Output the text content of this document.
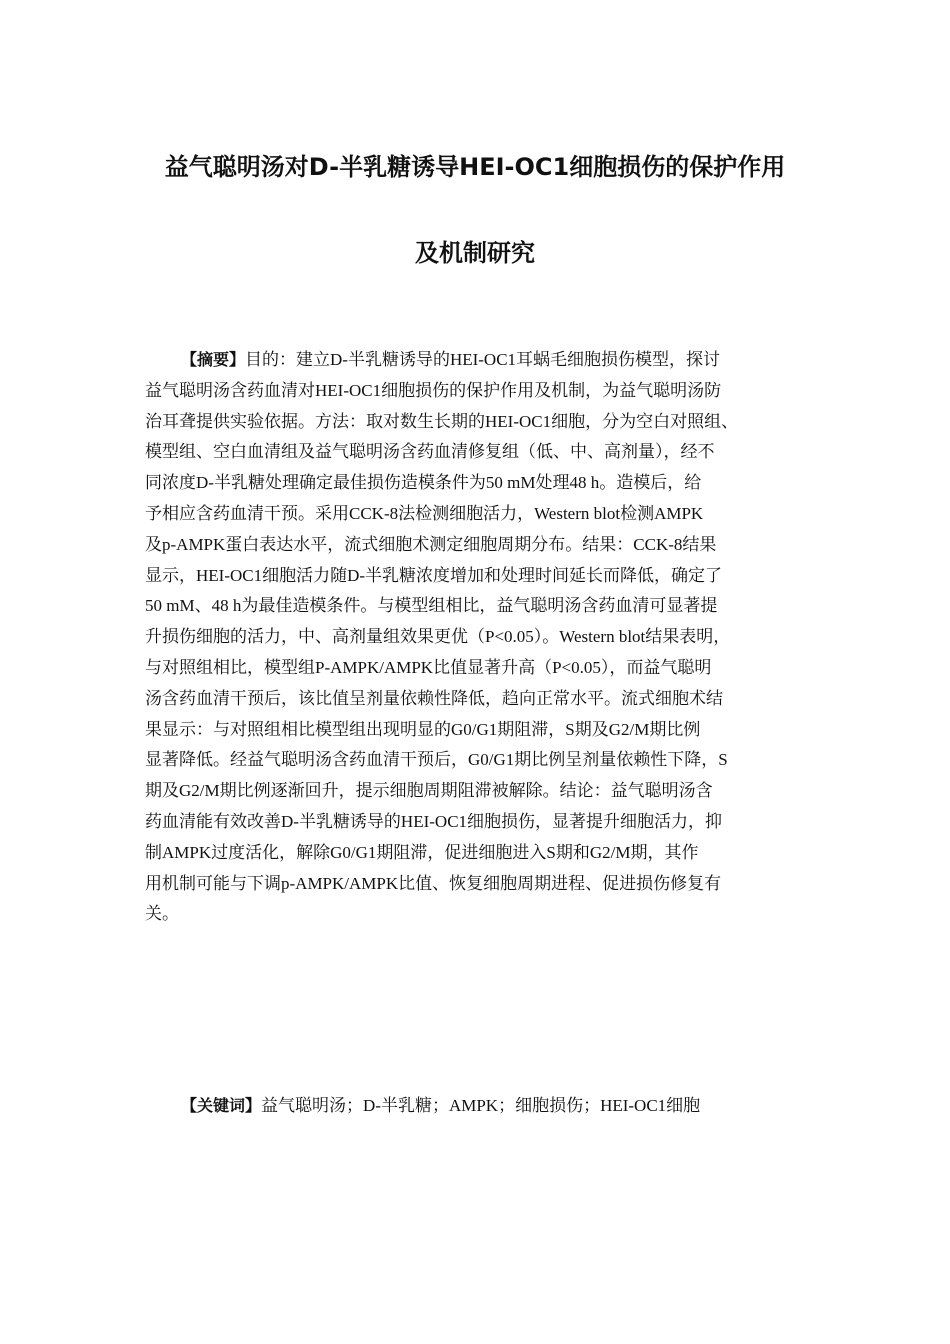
益气聪明汤对D-半乳糖诱导HEI-OC1细胞损伤的保护作用
及机制研究
【摘要】目的：建立D-半乳糖诱导的HEI-OC1耳蜗毛细胞损伤模型，探讨
益气聪明汤含药血清对HEI-OC1细胞损伤的保护作用及机制，为益气聪明汤防
治耳聋提供实验依据。方法：取对数生长期的HEI-OC1细胞，分为空白对照组、
模型组、空白血清组及益气聪明汤含药血清修复组（低、中、高剂量），经不
同浓度D-半乳糖处理确定最佳损伤造模条件为50 mM处理48 h。造模后，给
予相应含药血清干预。采用CCK-8法检测细胞活力，Western blot检测AMPK
及p-AMPK蛋白表达水平，流式细胞术测定细胞周期分布。结果：CCK-8结果
显示，HEI-OC1细胞活力随D-半乳糖浓度增加和处理时间延长而降低，确定了
50 mM、48 h为最佳造模条件。与模型组相比，益气聪明汤含药血清可显著提
升损伤细胞的活力，中、高剂量组效果更优（P<0.05）。Western blot结果表明，
与对照组相比，模型组P-AMPK/AMPK比值显著升高（P<0.05），而益气聪明
汤含药血清干预后，该比值呈剂量依赖性降低，趋向正常水平。流式细胞术结
果显示：与对照组相比模型组出现明显的G0/G1期阻滞，S期及G2/M期比例
显著降低。经益气聪明汤含药血清干预后，G0/G1期比例呈剂量依赖性下降，S
期及G2/M期比例逐渐回升，提示细胞周期阻滞被解除。结论：益气聪明汤含
药血清能有效改善D-半乳糖诱导的HEI-OC1细胞损伤，显著提升细胞活力，抑
制AMPK过度活化，解除G0/G1期阻滞，促进细胞进入S期和G2/M期，其作
用机制可能与下调p-AMPK/AMPK比值、恢复细胞周期进程、促进损伤修复有
关。
【关键词】益气聪明汤；D-半乳糖；AMPK；细胞损伤；HEI-OC1细胞
